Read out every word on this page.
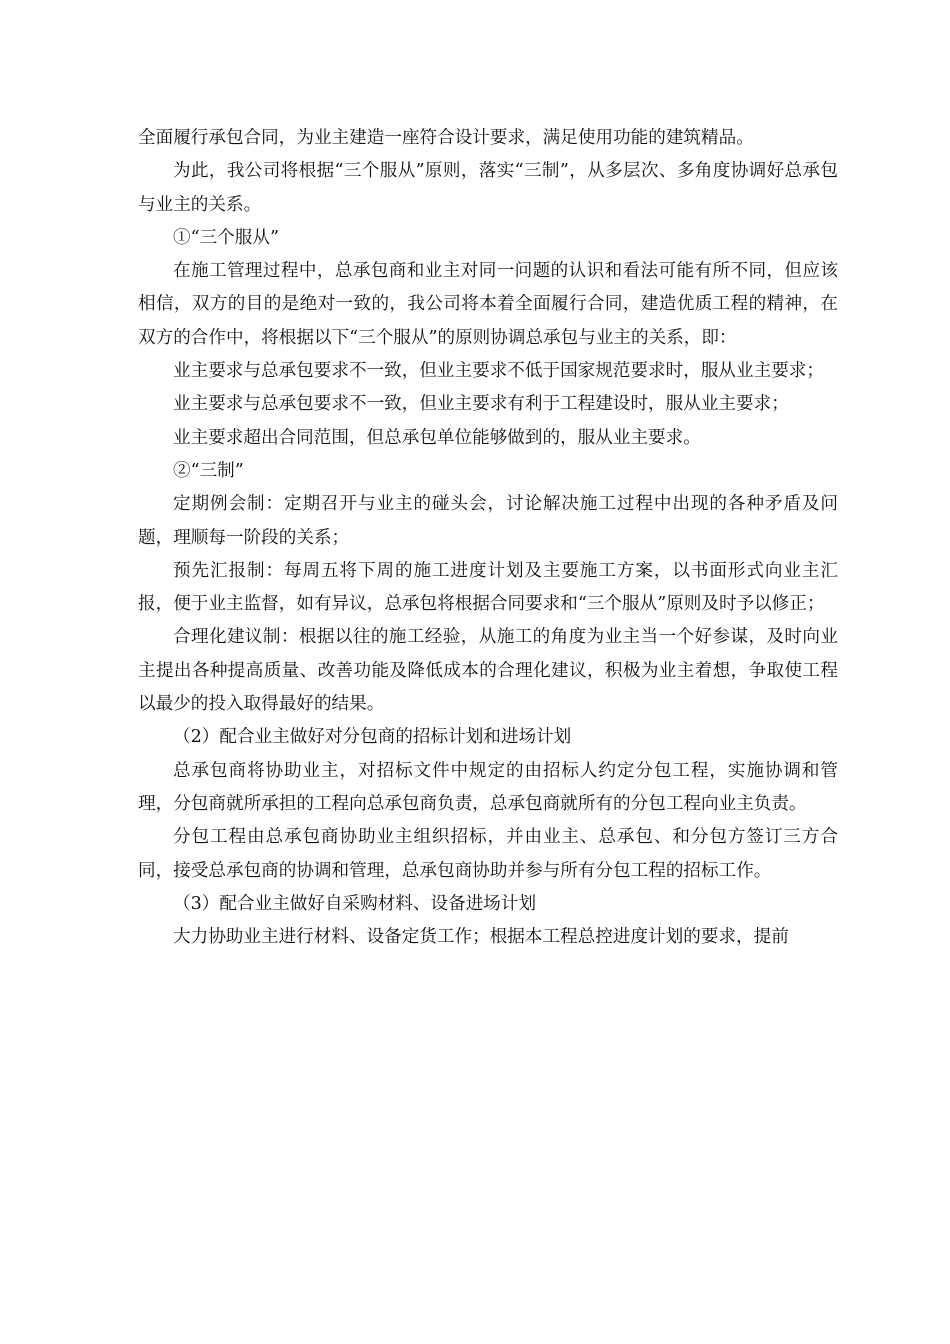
全面履行承包合同，为业主建造一座符合设计要求，满足使用功能的建筑精品。

为此，我公司将根据“三个服从”原则，落实“三制”，从多层次、多角度协调好总承包与业主的关系。

①“三个服从”

在施工管理过程中，总承包商和业主对同一问题的认识和看法可能有所不同，但应该相信，双方的目的是绝对一致的，我公司将本着全面履行合同，建造优质工程的精神，在双方的合作中，将根据以下“三个服从”的原则协调总承包与业主的关系，即：

业主要求与总承包要求不一致，但业主要求不低于国家规范要求时，服从业主要求；

业主要求与总承包要求不一致，但业主要求有利于工程建设时，服从业主要求；

业主要求超出合同范围，但总承包单位能够做到的，服从业主要求。

②“三制”

定期例会制：定期召开与业主的碰头会，讨论解决施工过程中出现的各种矛盾及问题，理顺每一阶段的关系；

预先汇报制：每周五将下周的施工进度计划及主要施工方案，以书面形式向业主汇报，便于业主监督，如有异议，总承包将根据合同要求和“三个服从”原则及时予以修正；

合理化建议制：根据以往的施工经验，从施工的角度为业主当一个好参谋，及时向业主提出各种提高质量、改善功能及降低成本的合理化建议，积极为业主着想，争取使工程以最少的投入取得最好的结果。

（2）配合业主做好对分包商的招标计划和进场计划

总承包商将协助业主，对招标文件中规定的由招标人约定分包工程，实施协调和管理，分包商就所承担的工程向总承包商负责，总承包商就所有的分包工程向业主负责。

分包工程由总承包商协助业主组织招标，并由业主、总承包、和分包方签订三方合同，接受总承包商的协调和管理，总承包商协助并参与所有分包工程的招标工作。

（3）配合业主做好自采购材料、设备进场计划

大力协助业主进行材料、设备定货工作；根据本工程总控进度计划的要求，提前
